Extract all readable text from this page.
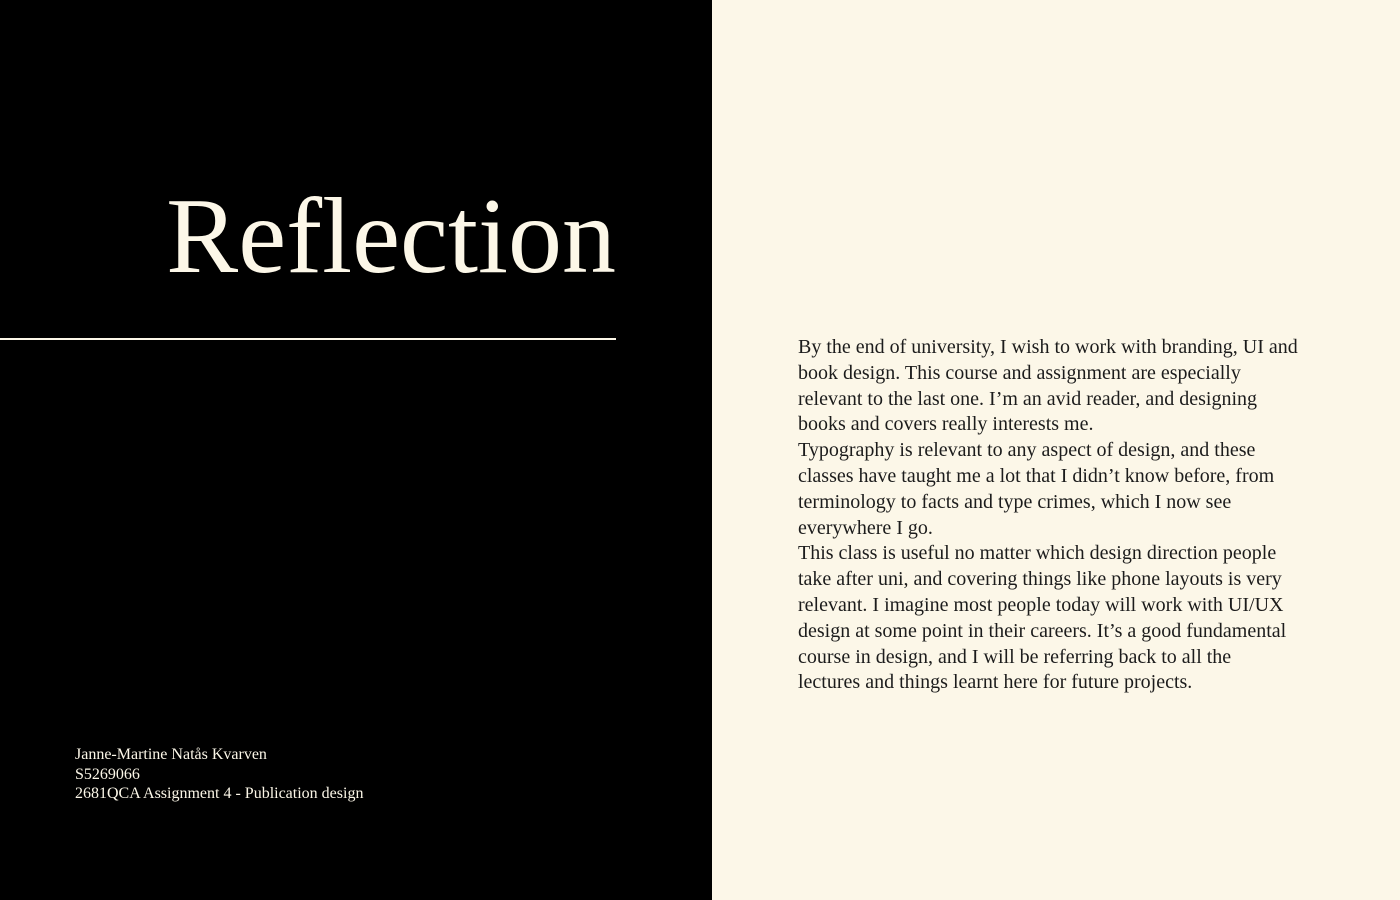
Reflection
Janne-Martine Natås Kvarven
S5269066
2681QCA Assignment 4 - Publication design

By the end of university, I wish to work with branding, UI and book design. This course and assignment are especially relevant to the last one. I’m an avid reader, and designing books and covers really interests me.

Typography is relevant to any aspect of design, and these classes have taught me a lot that I didn’t know before, from terminology to facts and type crimes, which I now see everywhere I go.

This class is useful no matter which design direction people take after uni, and covering things like phone layouts is very relevant. I imagine most people today will work with UI/UX design at some point in their careers. It’s a good fundamental course in design, and I will be referring back to all the lectures and things learnt here for future projects.
